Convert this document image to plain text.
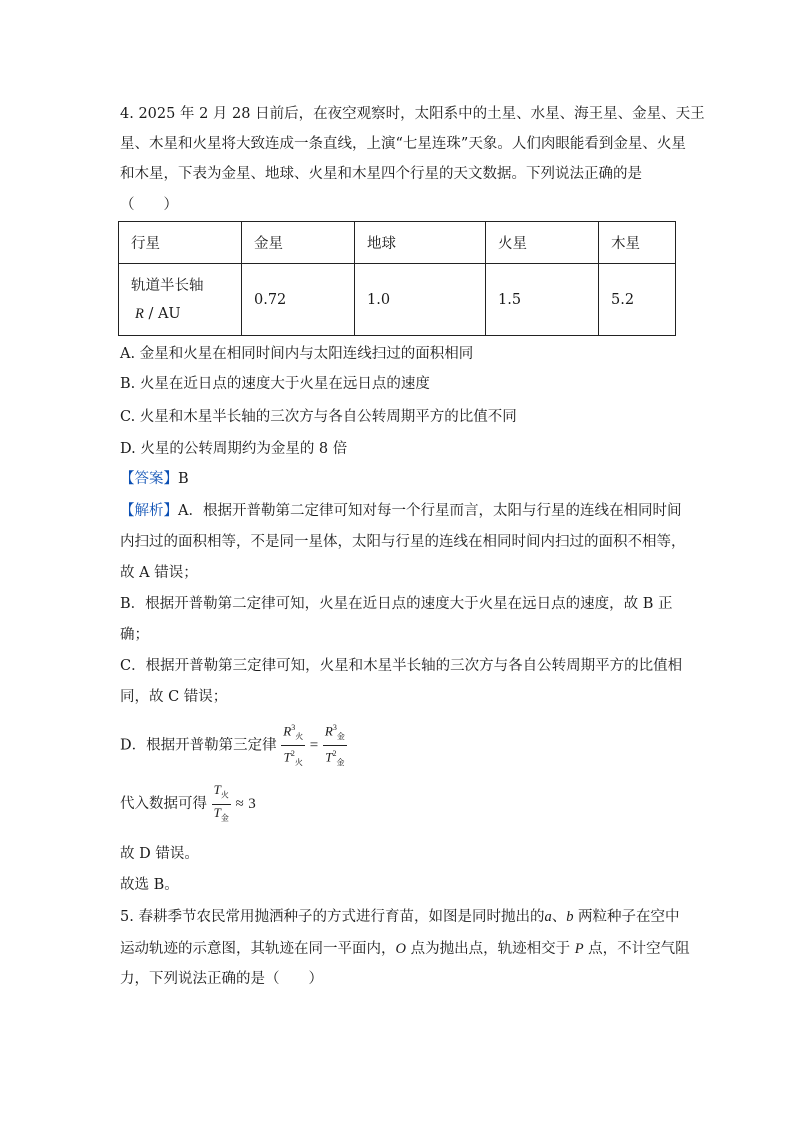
4. 2025 年 2 月 28 日前后，在夜空观察时，太阳系中的土星、水星、海王星、金星、天王
星、木星和火星将大致连成一条直线，上演“七星连珠”天象。人们肉眼能看到金星、火星
和木星，下表为金星、地球、火星和木星四个行星的天文数据。下列说法正确的是
（　　）
行星	金星	地球	火星	木星
轨道半长轴
R / AU	0.72	1.0	1.5	5.2
A. 金星和火星在相同时间内与太阳连线扫过的面积相同
B. 火星在近日点的速度大于火星在远日点的速度
C. 火星和木星半长轴的三次方与各自公转周期平方的比值不同
D. 火星的公转周期约为金星的 8 倍
【答案】B
【解析】A．根据开普勒第二定律可知对每一个行星而言，太阳与行星的连线在相同时间
内扫过的面积相等，不是同一星体，太阳与行星的连线在相同时间内扫过的面积不相等，
故 A 错误；
B．根据开普勒第二定律可知，火星在近日点的速度大于火星在远日点的速度，故 B 正
确；
C．根据开普勒第三定律可知，火星和木星半长轴的三次方与各自公转周期平方的比值相
同，故 C 错误；
D．根据开普勒第三定律 $\frac{R^3_火}{T^2_火} = \frac{R^3_金}{T^2_金}$
代入数据可得 $\frac{T_火}{T_金} \approx 3$
故 D 错误。
故选 B。
5. 春耕季节农民常用抛洒种子的方式进行育苗，如图是同时抛出的a、b 两粒种子在空中
运动轨迹的示意图，其轨迹在同一平面内，O 点为抛出点，轨迹相交于 P 点，不计空气阻
力，下列说法正确的是（　　）
